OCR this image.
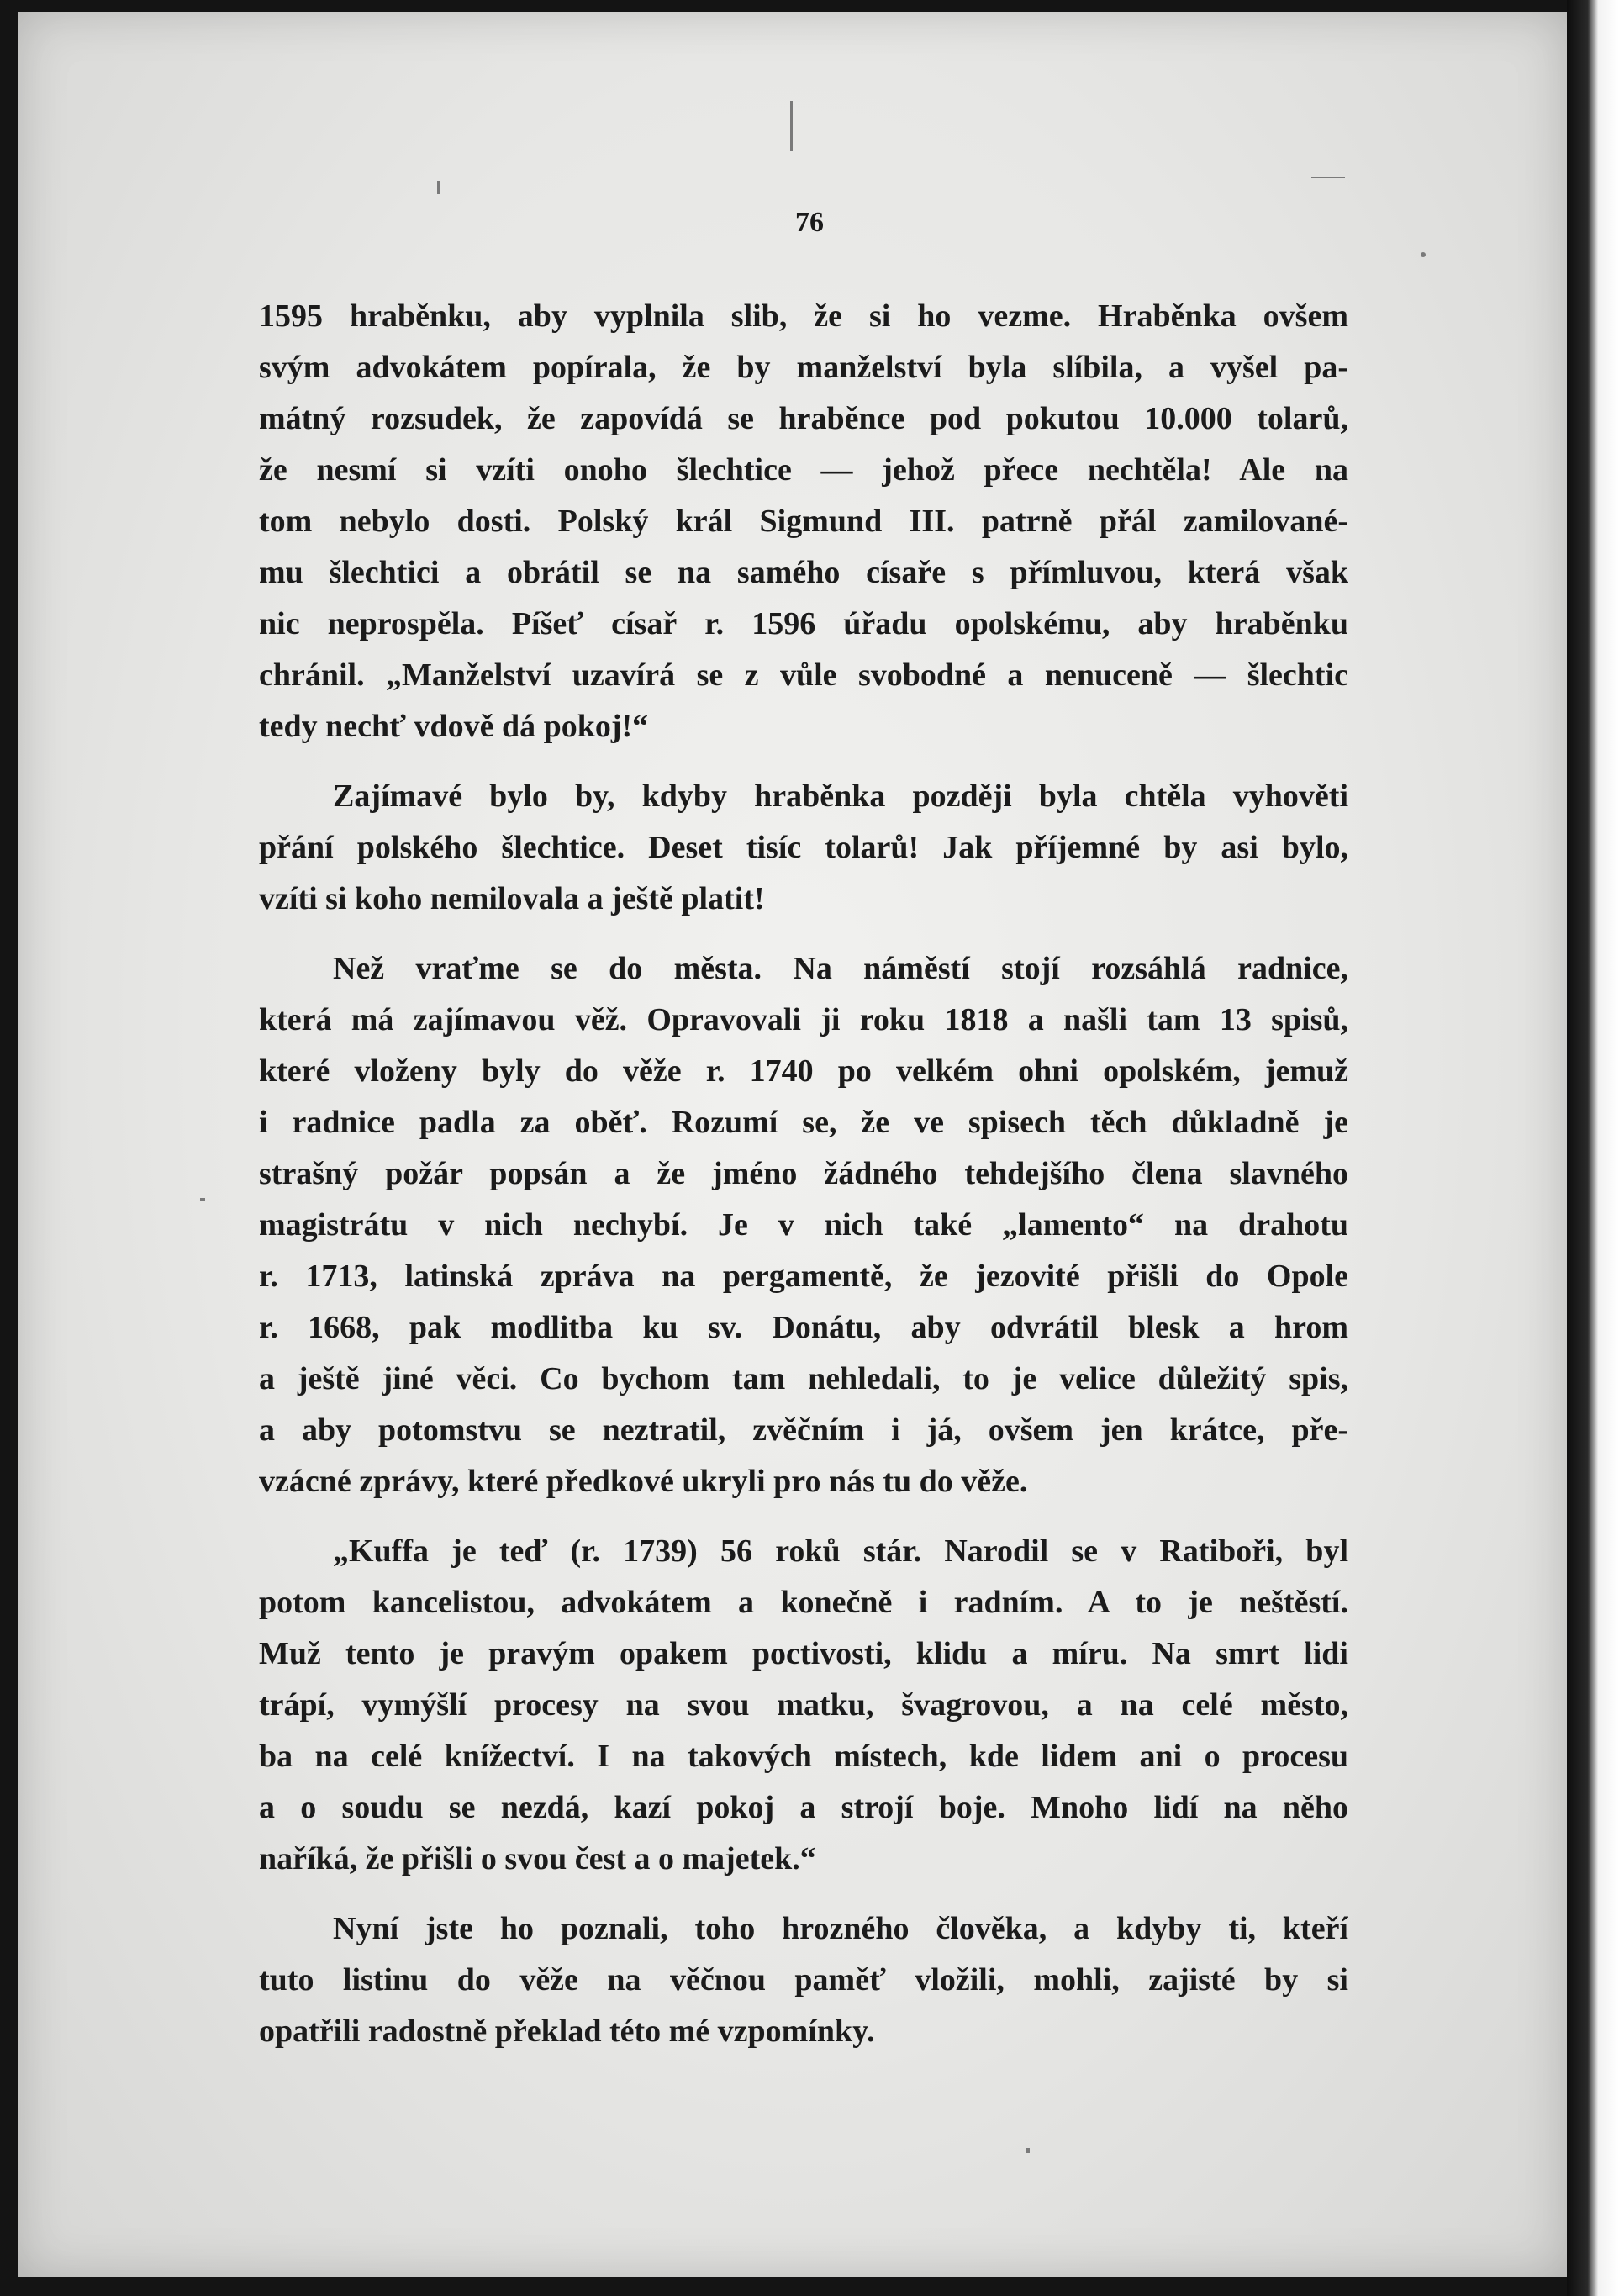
76

1595 hraběnku, aby vyplnila slib, že si ho vezme. Hraběnka ovšem
svým advokátem popírala, že by manželství byla slíbila, a vyšel pa-
mátný rozsudek, že zapovídá se hraběnce pod pokutou 10.000 tolarů,
že nesmí si vzíti onoho šlechtice — jehož přece nechtěla! Ale na
tom nebylo dosti. Polský král Sigmund III. patrně přál zamilované-
mu šlechtici a obrátil se na samého císaře s přímluvou, která však
nic neprospěla. Píšeť císař r. 1596 úřadu opolskému, aby hraběnku
chránil. „Manželství uzavírá se z vůle svobodné a nenuceně — šlechtic
tedy nechť vdově dá pokoj!“

Zajímavé bylo by, kdyby hraběnka později byla chtěla vyhověti
přání polského šlechtice. Deset tisíc tolarů! Jak příjemné by asi bylo,
vzíti si koho nemilovala a ještě platit!

Než vraťme se do města. Na náměstí stojí rozsáhlá radnice,
která má zajímavou věž. Opravovali ji roku 1818 a našli tam 13 spisů,
které vloženy byly do věže r. 1740 po velkém ohni opolském, jemuž
i radnice padla za oběť. Rozumí se, že ve spisech těch důkladně je
strašný požár popsán a že jméno žádného tehdejšího člena slavného
magistrátu v nich nechybí. Je v nich také „lamento“ na drahotu
r. 1713, latinská zpráva na pergamentě, že jezovité přišli do Opole
r. 1668, pak modlitba ku sv. Donátu, aby odvrátil blesk a hrom
a ještě jiné věci. Co bychom tam nehledali, to je velice důležitý spis,
a aby potomstvu se neztratil, zvěčním i já, ovšem jen krátce, pře-
vzácné zprávy, které předkové ukryli pro nás tu do věže.

„Kuffa je teď (r. 1739) 56 roků stár. Narodil se v Ratiboři, byl
potom kancelistou, advokátem a konečně i radním. A to je neštěstí.
Muž tento je pravým opakem poctivosti, klidu a míru. Na smrt lidi
trápí, vymýšlí procesy na svou matku, švagrovou, a na celé město,
ba na celé knížectví. I na takových místech, kde lidem ani o procesu
a o soudu se nezdá, kazí pokoj a strojí boje. Mnoho lidí na něho
naříká, že přišli o svou čest a o majetek.“

Nyní jste ho poznali, toho hrozného člověka, a kdyby ti, kteří
tuto listinu do věže na věčnou paměť vložili, mohli, zajisté by si
opatřili radostně překlad této mé vzpomínky.
